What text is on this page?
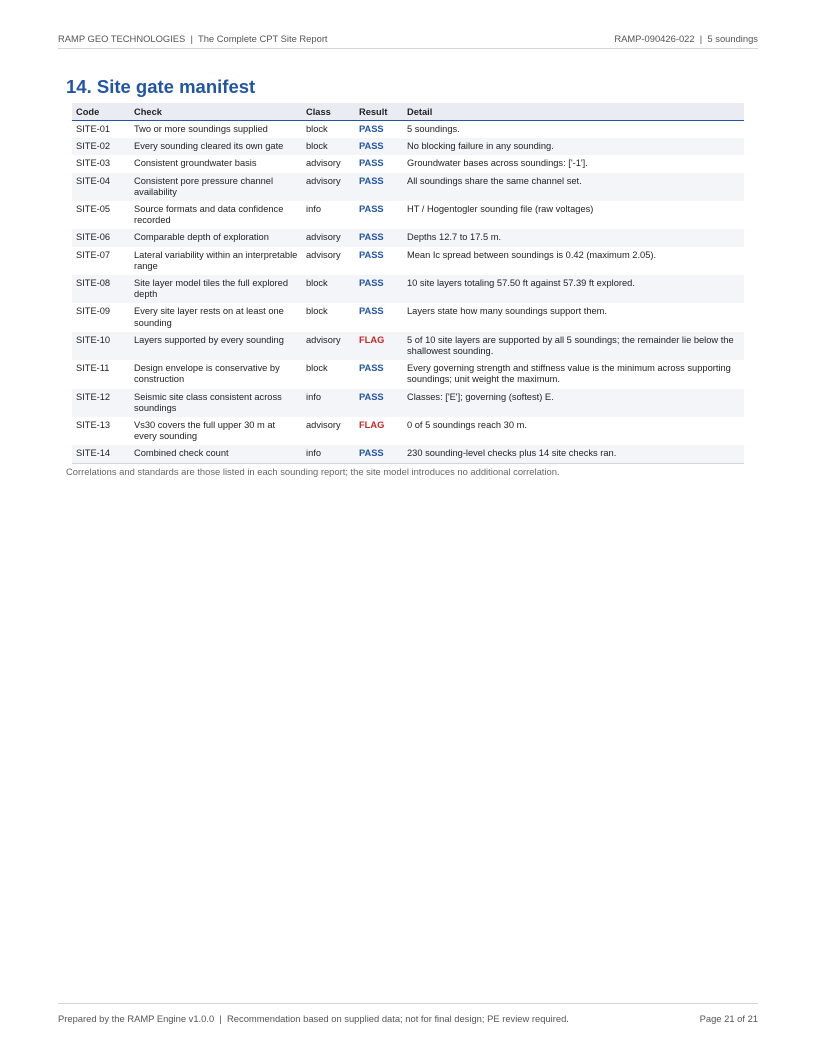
RAMP GEO TECHNOLOGIES  |  The Complete CPT Site Report	RAMP-090426-022  |  5 soundings
14. Site gate manifest
Code	Check	Class	Result	Detail
SITE-01	Two or more soundings supplied	block	PASS	5 soundings.
SITE-02	Every sounding cleared its own gate	block	PASS	No blocking failure in any sounding.
SITE-03	Consistent groundwater basis	advisory	PASS	Groundwater bases across soundings: ['-1'].
SITE-04	Consistent pore pressure channel availability	advisory	PASS	All soundings share the same channel set.
SITE-05	Source formats and data confidence recorded	info	PASS	HT / Hogentogler sounding file (raw voltages)
SITE-06	Comparable depth of exploration	advisory	PASS	Depths 12.7 to 17.5 m.
SITE-07	Lateral variability within an interpretable range	advisory	PASS	Mean Ic spread between soundings is 0.42 (maximum 2.05).
SITE-08	Site layer model tiles the full explored depth	block	PASS	10 site layers totaling 57.50 ft against 57.39 ft explored.
SITE-09	Every site layer rests on at least one sounding	block	PASS	Layers state how many soundings support them.
SITE-10	Layers supported by every sounding	advisory	FLAG	5 of 10 site layers are supported by all 5 soundings; the remainder lie below the shallowest sounding.
SITE-11	Design envelope is conservative by construction	block	PASS	Every governing strength and stiffness value is the minimum across supporting soundings; unit weight the maximum.
SITE-12	Seismic site class consistent across soundings	info	PASS	Classes: ['E']; governing (softest) E.
SITE-13	Vs30 covers the full upper 30 m at every sounding	advisory	FLAG	0 of 5 soundings reach 30 m.
SITE-14	Combined check count	info	PASS	230 sounding-level checks plus 14 site checks ran.
Correlations and standards are those listed in each sounding report; the site model introduces no additional correlation.
Prepared by the RAMP Engine v1.0.0  |  Recommendation based on supplied data; not for final design; PE review required.	Page 21 of 21
